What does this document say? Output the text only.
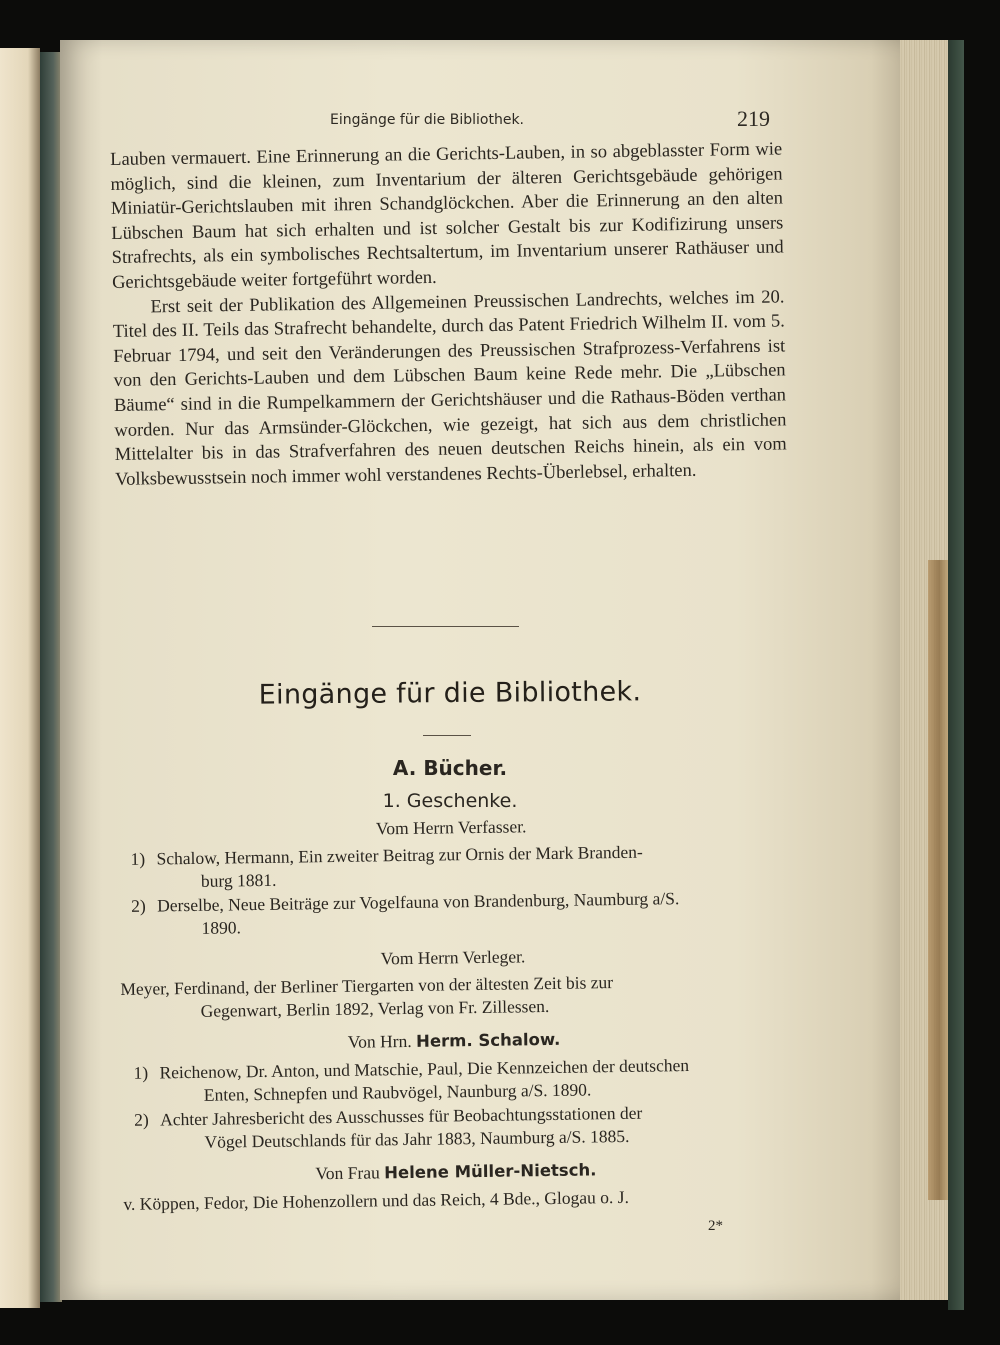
Eingänge für die Bibliothek.	219

Lauben vermauert. Eine Erinnerung an die Gerichts-Lauben, in so abgeblasster Form wie möglich, sind die kleinen, zum Inventarium der älteren Gerichtsgebäude gehörigen Miniatür-Gerichtslauben mit ihren Schandglöckchen. Aber die Erinnerung an den alten Lübschen Baum hat sich erhalten und ist solcher Gestalt bis zur Kodifizirung unsers Strafrechts, als ein symbolisches Rechtsaltertum, im Inventarium unserer Rathäuser und Gerichtsgebäude weiter fortgeführt worden.

Erst seit der Publikation des Allgemeinen Preussischen Landrechts, welches im 20. Titel des II. Teils das Strafrecht behandelte, durch das Patent Friedrich Wilhelm II. vom 5. Februar 1794, und seit den Veränderungen des Preussischen Strafprozess-Verfahrens ist von den Gerichts-Lauben und dem Lübschen Baum keine Rede mehr. Die „Lübschen Bäume“ sind in die Rumpelkammern der Gerichtshäuser und die Rathaus-Böden verthan worden. Nur das Armsünder-Glöckchen, wie gezeigt, hat sich aus dem christlichen Mittelalter bis in das Strafverfahren des neuen deutschen Reichs hinein, als ein vom Volksbewusstsein noch immer wohl verstandenes Rechts-Überlebsel, erhalten.

Eingänge für die Bibliothek.
A. Bücher.
1. Geschenke.
Vom Herrn Verfasser.
1) Schalow, Hermann, Ein zweiter Beitrag zur Ornis der Mark Branden-
burg 1881.
2) Derselbe, Neue Beiträge zur Vogelfauna von Brandenburg, Naumburg a/S.
1890.
Vom Herrn Verleger.
Meyer, Ferdinand, der Berliner Tiergarten von der ältesten Zeit bis zur
Gegenwart, Berlin 1892, Verlag von Fr. Zillessen.
Von Hrn. Herm. Schalow.
1) Reichenow, Dr. Anton, und Matschie, Paul, Die Kennzeichen der deutschen
Enten, Schnepfen und Raubvögel, Naunburg a/S. 1890.
2) Achter Jahresbericht des Ausschusses für Beobachtungsstationen der
Vögel Deutschlands für das Jahr 1883, Naumburg a/S. 1885.
Von Frau Helene Müller-Nietsch.
v. Köppen, Fedor, Die Hohenzollern und das Reich, 4 Bde., Glogau o. J.
2*
